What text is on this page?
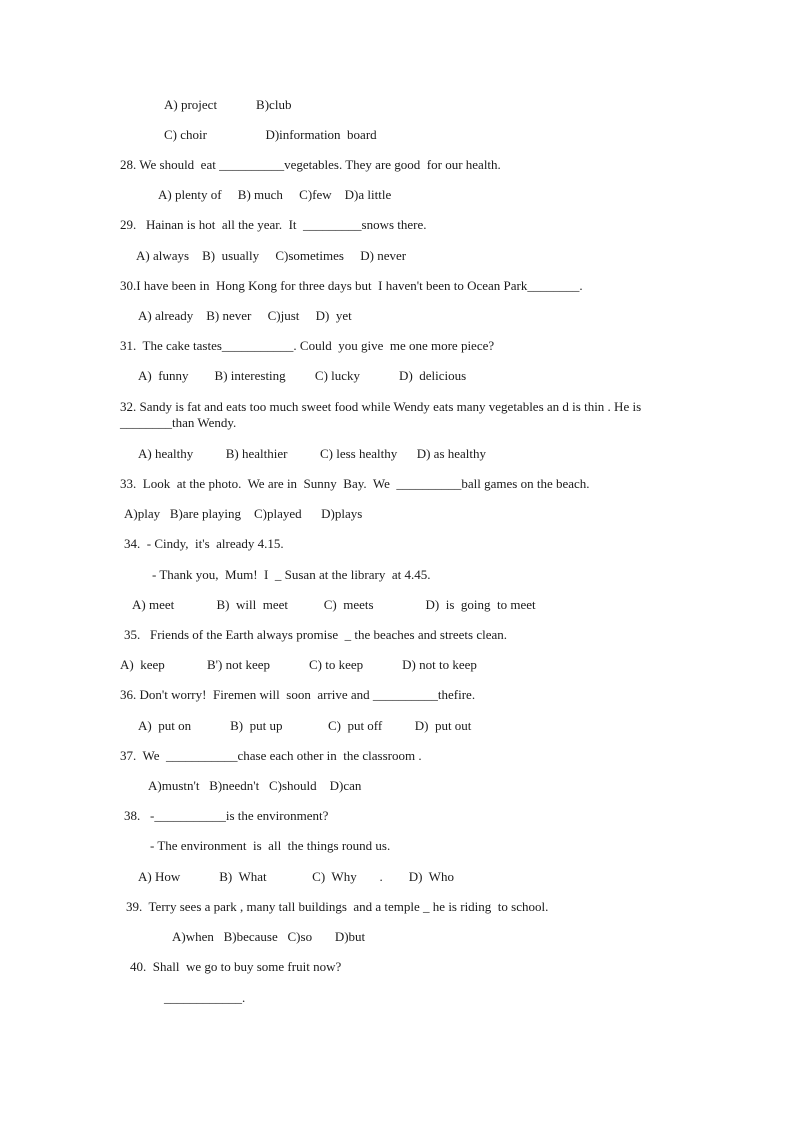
A) project            B)club
C) choir                  D)information  board
28. We should  eat __________vegetables. They are good  for our health.
A) plenty of     B) much     C)few    D)a little
29.   Hainan is hot  all the year.  It  _________snows there.
A) always    B)  usually     C)sometimes     D) never
30.I have been in  Hong Kong for three days but  I haven't been to Ocean Park________.
A) already    B) never     C)just     D)  yet
31.  The cake tastes___________. Could  you give  me one more piece?
A)  funny        B) interesting         C) lucky            D)  delicious
32. Sandy is fat and eats too much sweet food while Wendy eats many vegetables an d is thin . He is ________than Wendy.
A) healthy          B) healthier          C) less healthy      D) as healthy
33.  Look  at the photo.  We are in  Sunny  Bay.  We  __________ball games on the beach.
A)play   B)are playing    C)played      D)plays
34.  - Cindy,  it's  already 4.15.
- Thank you,  Mum!  I  _ Susan at the library  at 4.45.
A) meet             B)  will  meet           C)  meets                D)  is  going  to meet
35.   Friends of the Earth always promise  _ the beaches and streets clean.
A)  keep             B') not keep            C) to keep            D) not to keep
36. Don't worry!  Firemen will  soon  arrive and __________thefire.
A)  put on            B)  put up              C)  put off          D)  put out
37.  We  ___________chase each other in  the classroom .
A)mustn't   B)needn't   C)should    D)can
38.   -___________is the environment?
- The environment  is  all  the things round us.
A) How            B)  What              C)  Why       .        D)  Who
39.  Terry sees a park , many tall buildings  and a temple _ he is riding  to school.
A)when   B)because   C)so       D)but
40.  Shall  we go to buy some fruit now?
____________.
